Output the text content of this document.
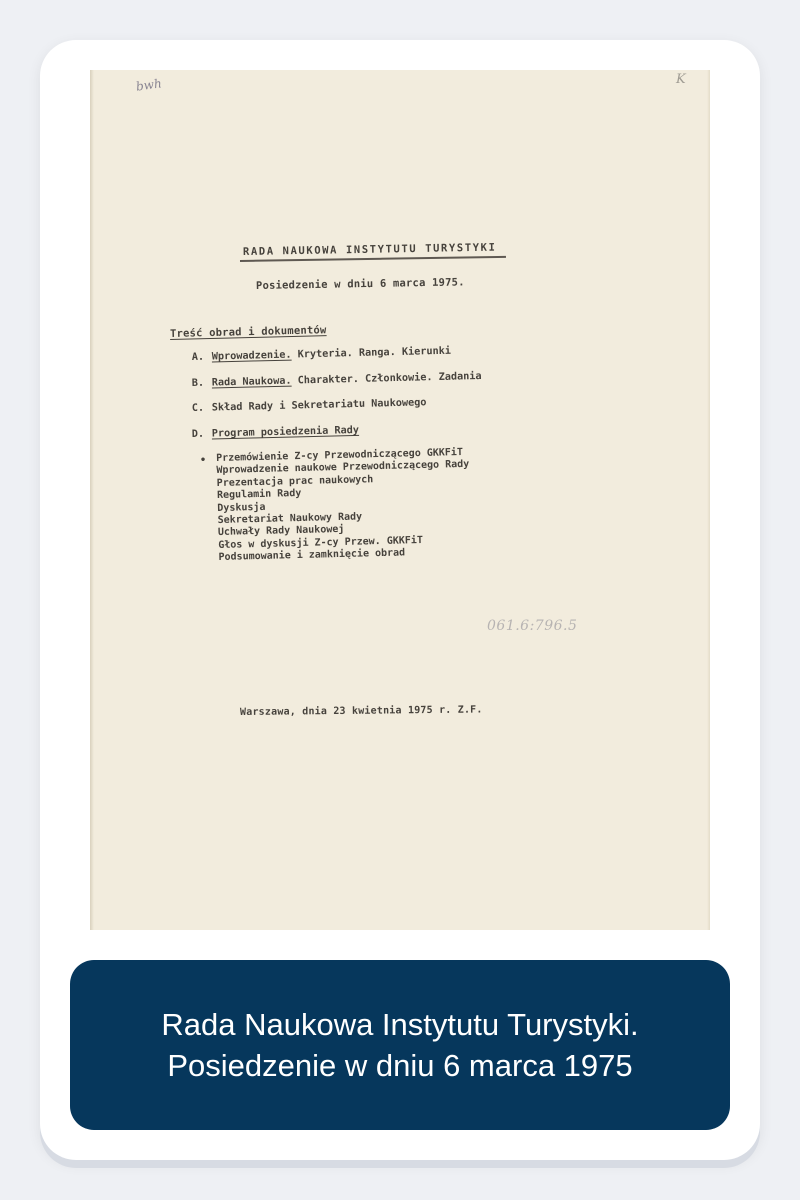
bwh	K
RADA NAUKOWA INSTYTUTU TURYSTYKI
Posiedzenie w dniu 6 marca 1975.
Treść obrad i dokumentów
A. Wprowadzenie. Kryteria. Ranga. Kierunki
B. Rada Naukowa. Charakter. Członkowie. Zadania
C. Skład Rady i Sekretariatu Naukowego
D. Program posiedzenia Rady
• Przemówienie Z-cy Przewodniczącego GKKFiT
Wprowadzenie naukowe Przewodniczącego Rady
Prezentacja prac naukowych
Regulamin Rady
Dyskusja
Sekretariat Naukowy Rady
Uchwały Rady Naukowej
Głos w dyskusji Z-cy Przew. GKKFiT
Podsumowanie i zamknięcie obrad
061.6:796.5
Warszawa, dnia 23 kwietnia 1975 r. Z.F.
Rada Naukowa Instytutu Turystyki.
Posiedzenie w dniu 6 marca 1975
